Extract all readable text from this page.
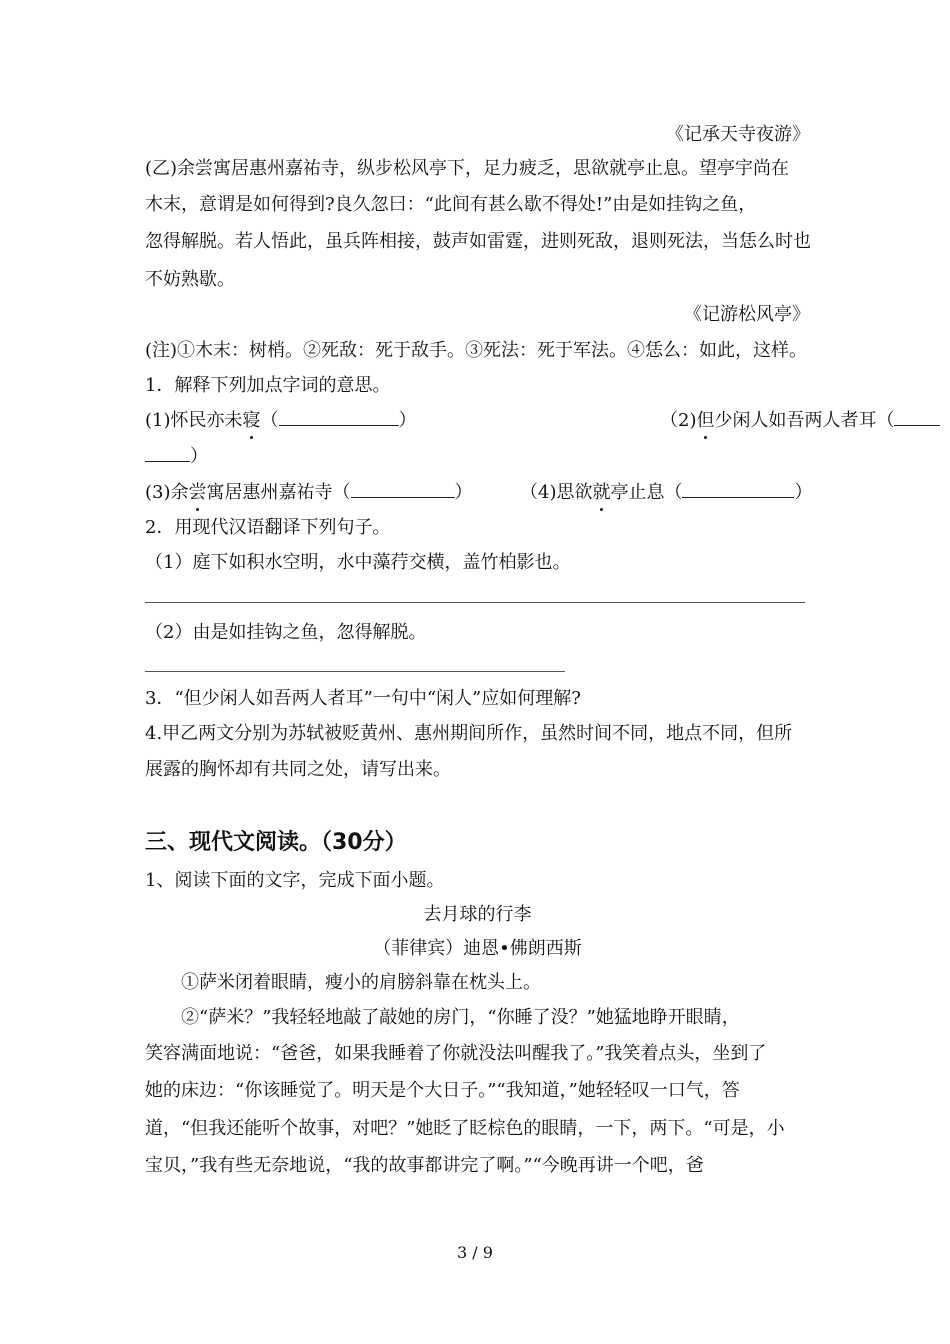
《记承天寺夜游》
(乙)余尝寓居惠州嘉祐寺，纵步松风亭下，足力疲乏，思欲就亭止息。望亭宇尚在
木末，意谓是如何得到?良久忽曰：“此间有甚么歇不得处!”由是如挂钩之鱼，
忽得解脱。若人悟此，虽兵阵相接，鼓声如雷霆，进则死敌，退则死法，当恁么时也
不妨熟歇。
《记游松风亭》
(注)①木末：树梢。②死敌：死于敌手。③死法：死于军法。④恁么：如此，这样。
1．解释下列加点字词的意思。
(1)怀民亦未寝（	）	（2)但少闲人如吾两人者耳（
）
(3)余尝寓居惠州嘉祐寺（	）	（4)思欲就亭止息（	）
2．用现代汉语翻译下列句子。
（1）庭下如积水空明，水中藻荇交横，盖竹柏影也。
（2）由是如挂钩之鱼，忽得解脱。
3．“但少闲人如吾两人者耳”一句中“闲人”应如何理解?
4.甲乙两文分别为苏轼被贬黄州、惠州期间所作，虽然时间不同，地点不同，但所
展露的胸怀却有共同之处，请写出来。
三、现代文阅读。（30分）
1、阅读下面的文字，完成下面小题。
去月球的行李
（菲律宾）迪恩•佛朗西斯
①萨米闭着眼睛，瘦小的肩膀斜靠在枕头上。
②“萨米？”我轻轻地敲了敲她的房门，“你睡了没？”她猛地睁开眼睛，
笑容满面地说：“爸爸，如果我睡着了你就没法叫醒我了。”我笑着点头，坐到了
她的床边：“你该睡觉了。明天是个大日子。”“我知道，”她轻轻叹一口气，答
道，“但我还能听个故事，对吧？”她眨了眨棕色的眼睛，一下，两下。“可是，小
宝贝，”我有些无奈地说，“我的故事都讲完了啊。”“今晚再讲一个吧，爸
3 / 9
